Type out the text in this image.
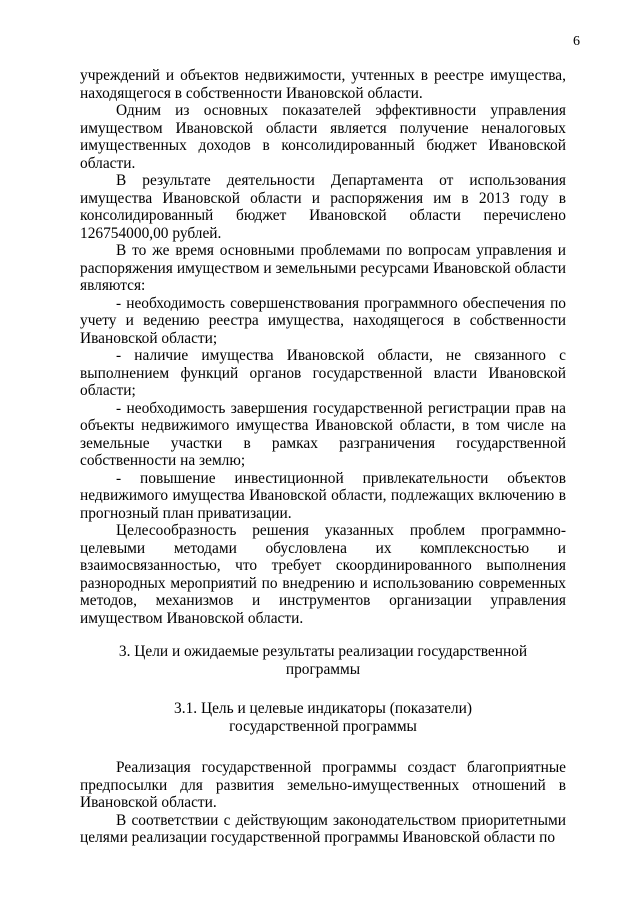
6

учреждений и объектов недвижимости, учтенных в реестре имущества, находящегося в собственности Ивановской области.

Одним из основных показателей эффективности управления имуществом Ивановской области является получение неналоговых имущественных доходов в консолидированный бюджет Ивановской области.

В результате деятельности Департамента от использования имущества Ивановской области и распоряжения им в 2013 году в консолидированный бюджет Ивановской области перечислено 126754000,00 рублей.

В то же время основными проблемами по вопросам управления и распоряжения имуществом и земельными ресурсами Ивановской области являются:

- необходимость совершенствования программного обеспечения по учету и ведению реестра имущества, находящегося в собственности Ивановской области;

- наличие имущества Ивановской области, не связанного с выполнением функций органов государственной власти Ивановской области;

- необходимость завершения государственной регистрации прав на объекты недвижимого имущества Ивановской области, в том числе на земельные участки в рамках разграничения государственной собственности на землю;

- повышение инвестиционной привлекательности объектов недвижимого имущества Ивановской области, подлежащих включению в прогнозный план приватизации.

Целесообразность решения указанных проблем программно-целевыми методами обусловлена их комплексностью и взаимосвязанностью, что требует скоординированного выполнения разнородных мероприятий по внедрению и использованию современных методов, механизмов и инструментов организации управления имуществом Ивановской области.

3. Цели и ожидаемые результаты реализации государственной
программы

3.1. Цель и целевые индикаторы (показатели)
государственной программы

Реализация государственной программы создаст благоприятные предпосылки для развития земельно-имущественных отношений в Ивановской области.

В соответствии с действующим законодательством приоритетными целями реализации государственной программы Ивановской области по
